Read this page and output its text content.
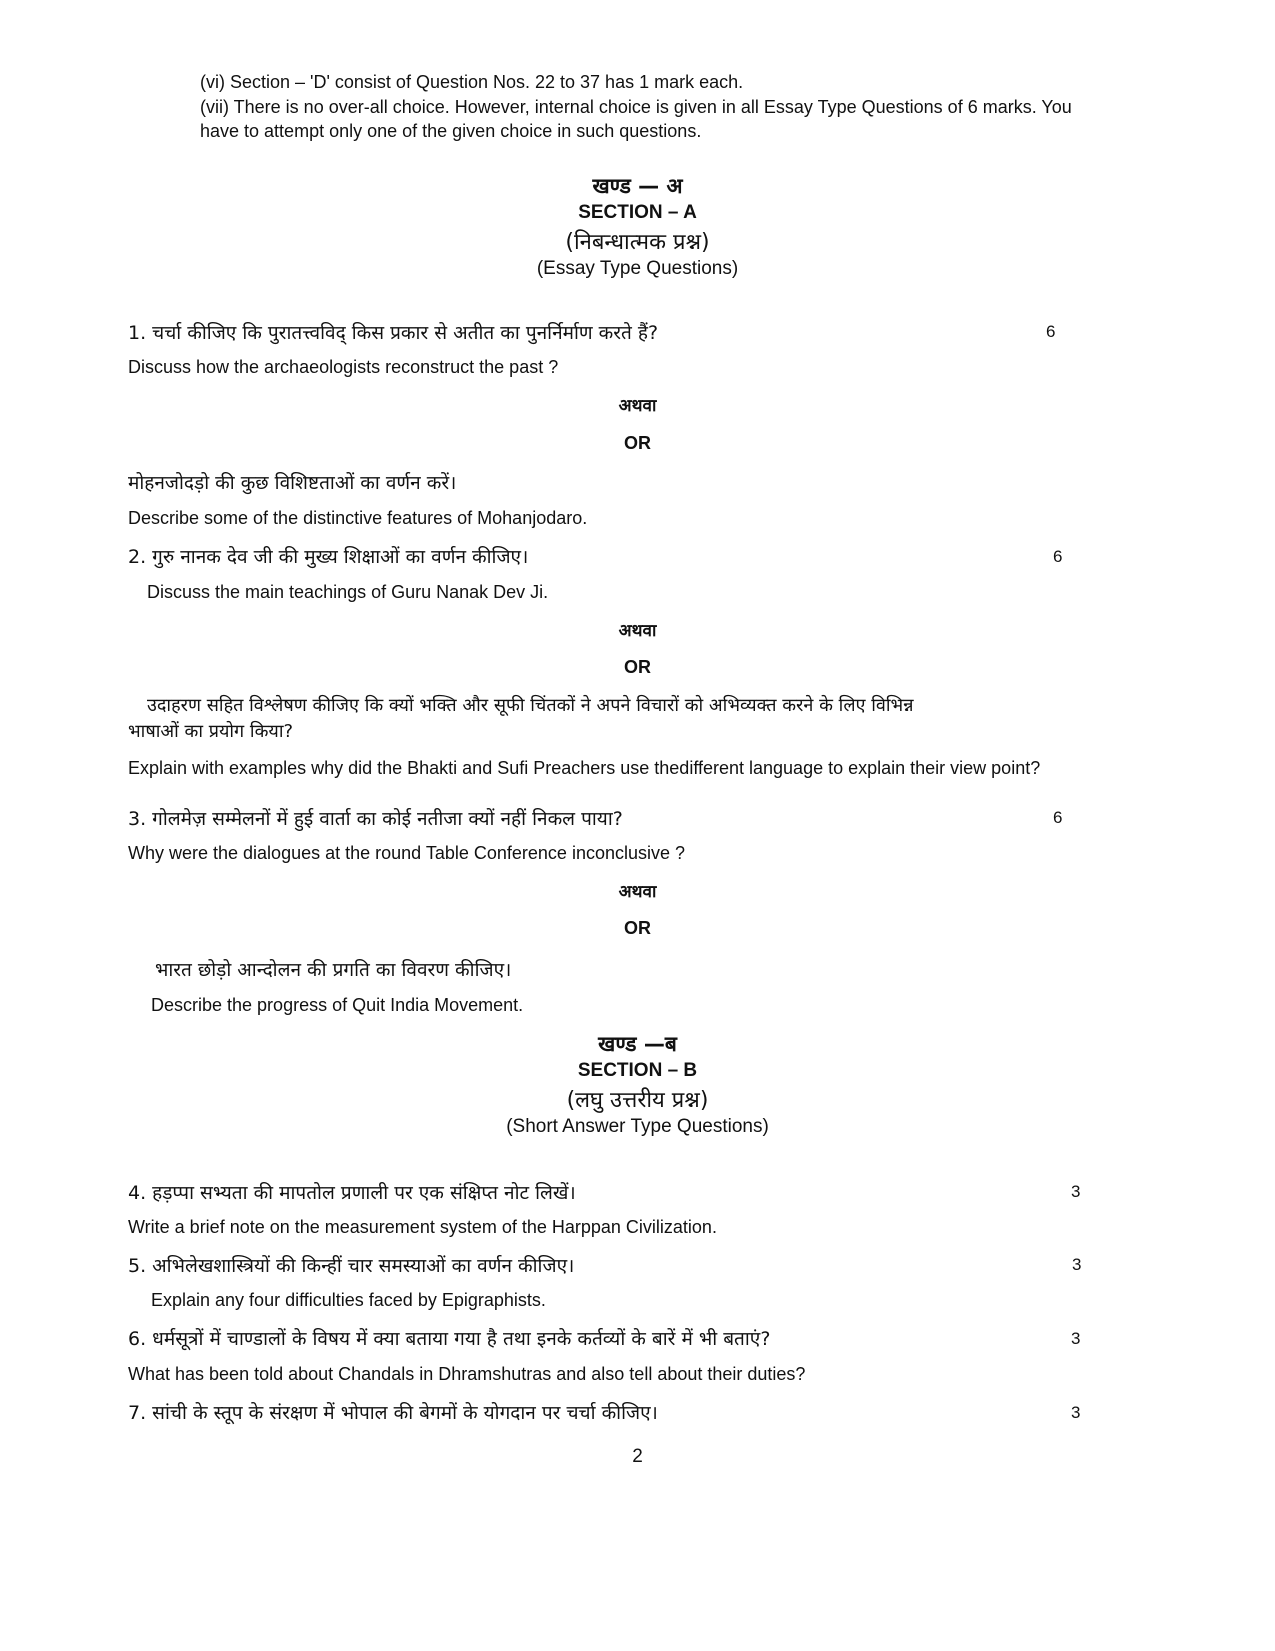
(vi) Section – 'D' consist of Question Nos. 22 to 37 has 1 mark each.
(vii) There is no over-all choice. However, internal choice is given in all Essay Type Questions of 6 marks. You
have to attempt only one of the given choice in such questions.
खण्ड — अ
SECTION – A
(निबन्धात्मक प्रश्न)
(Essay Type Questions)
1. चर्चा कीजिए कि पुरातत्त्वविद् किस प्रकार से अतीत का पुनर्निर्माण करते हैं?	6
Discuss how the archaeologists reconstruct the past ?
अथवा
OR
मोहनजोदड़ो की कुछ विशिष्टताओं का वर्णन करें।
Describe some of the distinctive features of Mohanjodaro.
2. गुरु नानक देव जी की मुख्य शिक्षाओं का वर्णन कीजिए।	6
Discuss the main teachings of Guru Nanak Dev Ji.
अथवा
OR
उदाहरण सहित विश्लेषण कीजिए कि क्यों भक्ति और सूफी चिंतकों ने अपने विचारों को अभिव्यक्त करने के लिए विभिन्न
भाषाओं का प्रयोग किया?
Explain with examples why did the Bhakti and Sufi Preachers use thedifferent language to explain their view point?
3. गोलमेज़ सम्मेलनों में हुई वार्ता का कोई नतीजा क्यों नहीं निकल पाया?	6
Why were the dialogues at the round Table Conference inconclusive ?
अथवा
OR
भारत छोड़ो आन्दोलन की प्रगति का विवरण कीजिए।
Describe the progress of Quit India Movement.
खण्ड —ब
SECTION – B
(लघु उत्तरीय प्रश्न)
(Short Answer Type Questions)
4. हड़प्पा सभ्यता की मापतोल प्रणाली पर एक संक्षिप्त नोट लिखें।	3
Write a brief note on the measurement system of the Harppan Civilization.
5. अभिलेखशास्त्रियों की किन्हीं चार समस्याओं का वर्णन कीजिए।	3
Explain any four difficulties faced by Epigraphists.
6. धर्मसूत्रों में चाण्डालों के विषय में क्या बताया गया है तथा इनके कर्तव्यों के बारें में भी बताएं?	3
What has been told about Chandals in Dhramshutras and also tell about their duties?
7. सांची के स्तूप के संरक्षण में भोपाल की बेगमों के योगदान पर चर्चा कीजिए।	3
2
